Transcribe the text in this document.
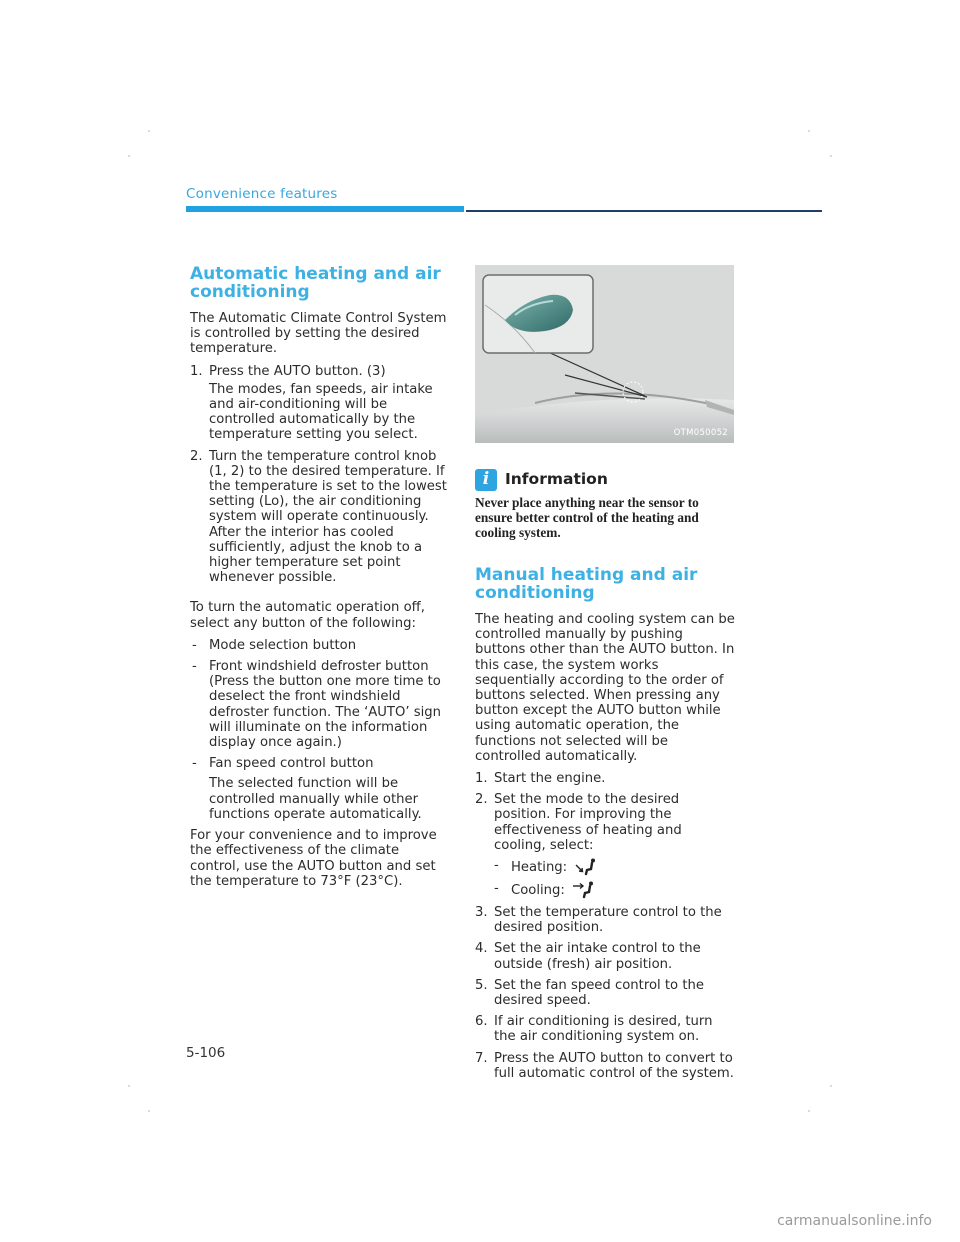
Convenience features
Automatic heating and air conditioning

The Automatic Climate Control System is controlled by setting the desired temperature.

1. Press the AUTO button. (3)
The modes, fan speeds, air intake and air-conditioning will be controlled automatically by the temperature setting you select.
2. Turn the temperature control knob (1, 2) to the desired temperature. If the temperature is set to the lowest setting (Lo), the air conditioning system will operate continuously. After the interior has cooled sufficiently, adjust the knob to a higher temperature set point whenever possible.

To turn the automatic operation off, select any button of the following:

- Mode selection button
- Front windshield defroster button (Press the button one more time to deselect the front windshield defroster function. The ‘AUTO’ sign will illuminate on the information display once again.)
- Fan speed control button
The selected function will be controlled manually while other functions operate automatically.

For your convenience and to improve the effectiveness of the climate control, use the AUTO button and set the temperature to 73°F (23°C).

OTM050052
i	Information
Never place anything near the sensor to ensure better control of the heating and cooling system.
Manual heating and air conditioning

The heating and cooling system can be controlled manually by pushing buttons other than the AUTO button. In this case, the system works sequentially according to the order of buttons selected. When pressing any button except the AUTO button while using automatic operation, the functions not selected will be controlled automatically.

1. Start the engine.
2. Set the mode to the desired position. For improving the effectiveness of heating and cooling, select:
- Heating:
- Cooling:
3. Set the temperature control to the desired position.
4. Set the air intake control to the outside (fresh) air position.
5. Set the fan speed control to the desired speed.
6. If air conditioning is desired, turn the air conditioning system on.
7. Press the AUTO button to convert to full automatic control of the system.
5-106
carmanualsonline.info
